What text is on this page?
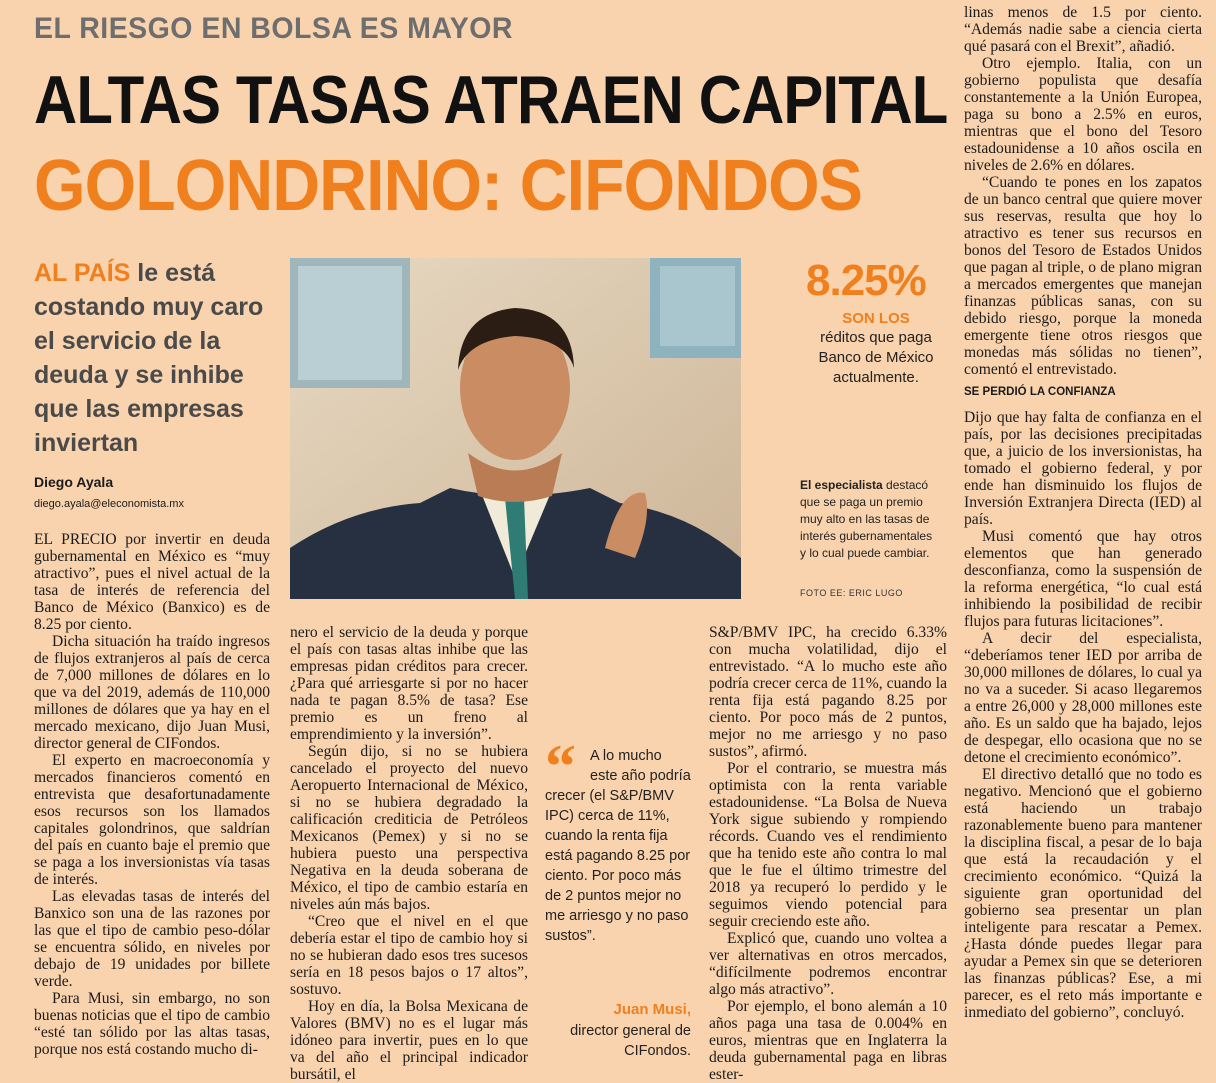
EL RIESGO EN BOLSA ES MAYOR
ALTAS TASAS ATRAEN CAPITAL
GOLONDRINO: CIFONDOS
AL PAÍS le está costando muy caro el servicio de la deuda y se inhibe que las empresas inviertan
Diego Ayala
diego.ayala@eleconomista.mx
8.25%
SON LOS
réditos que paga Banco de México actualmente.
El especialista destacó que se paga un premio muy alto en las tasas de interés gubernamentales y lo cual puede cambiar.
FOTO EE: ERIC LUGO

EL PRECIO por invertir en deuda gubernamental en México es “muy atractivo”, pues el nivel actual de la tasa de interés de referencia del Banco de México (Banxico) es de 8.25 por ciento.

Dicha situación ha traído ingresos de flujos extranjeros al país de cerca de 7,000 millones de dólares en lo que va del 2019, además de 110,000 millones de dólares que ya hay en el mercado mexicano, dijo Juan Musi, director general de CIFondos.

El experto en macroeconomía y mercados financieros comentó en entrevista que desafortunadamente esos recursos son los llamados capitales golondrinos, que saldrían del país en cuanto baje el premio que se paga a los inversionistas vía tasas de interés.

Las elevadas tasas de interés del Banxico son una de las razones por las que el tipo de cambio peso-dólar se encuentra sólido, en niveles por debajo de 19 unidades por billete verde.

Para Musi, sin embargo, no son buenas noticias que el tipo de cambio “esté tan sólido por las altas tasas, porque nos está costando mucho di-

nero el servicio de la deuda y porque el país con tasas altas inhibe que las empresas pidan créditos para crecer. ¿Para qué arriesgarte si por no hacer nada te pagan 8.5% de tasa? Ese premio es un freno al emprendimiento y la inversión”.

Según dijo, si no se hubiera cancelado el proyecto del nuevo Aeropuerto Internacional de México, si no se hubiera degradado la calificación crediticia de Petróleos Mexicanos (Pemex) y si no se hubiera puesto una perspectiva Negativa en la deuda soberana de México, el tipo de cambio estaría en niveles aún más bajos.

“Creo que el nivel en el que debería estar el tipo de cambio hoy si no se hubieran dado esos tres sucesos sería en 18 pesos bajos o 17 altos”, sostuvo.

Hoy en día, la Bolsa Mexicana de Valores (BMV) no es el lugar más idóneo para invertir, pues en lo que va del año el principal indicador bursátil, el

“ A lo mucho este año podría crecer (el S&P/BMV IPC) cerca de 11%, cuando la renta fija está pagando 8.25 por ciento. Por poco más de 2 puntos mejor no me arriesgo y no paso sustos”.
Juan Musi,
director general de CIFondos.

S&P/BMV IPC, ha crecido 6.33% con mucha volatilidad, dijo el entrevistado. “A lo mucho este año podría crecer cerca de 11%, cuando la renta fija está pagando 8.25 por ciento. Por poco más de 2 puntos, mejor no me arriesgo y no paso sustos”, afirmó.

Por el contrario, se muestra más optimista con la renta variable estadounidense. “La Bolsa de Nueva York sigue subiendo y rompiendo récords. Cuando ves el rendimiento que ha tenido este año contra lo mal que le fue el último trimestre del 2018 ya recuperó lo perdido y le seguimos viendo potencial para seguir creciendo este año.

Explicó que, cuando uno voltea a ver alternativas en otros mercados, “difícilmente podremos encontrar algo más atractivo”.

Por ejemplo, el bono alemán a 10 años paga una tasa de 0.004% en euros, mientras que en Inglaterra la deuda gubernamental paga en libras ester-

linas menos de 1.5 por ciento. “Además nadie sabe a ciencia cierta qué pasará con el Brexit”, añadió.

Otro ejemplo. Italia, con un gobierno populista que desafía constantemente a la Unión Europea, paga su bono a 2.5% en euros, mientras que el bono del Tesoro estadounidense a 10 años oscila en niveles de 2.6% en dólares.

“Cuando te pones en los zapatos de un banco central que quiere mover sus reservas, resulta que hoy lo atractivo es tener sus recursos en bonos del Tesoro de Estados Unidos que pagan al triple, o de plano migran a mercados emergentes que manejan finanzas públicas sanas, con su debido riesgo, porque la moneda emergente tiene otros riesgos que monedas más sólidas no tienen”, comentó el entrevistado.

SE PERDIÓ LA CONFIANZA

Dijo que hay falta de confianza en el país, por las decisiones precipitadas que, a juicio de los inversionistas, ha tomado el gobierno federal, y por ende han disminuido los flujos de Inversión Extranjera Directa (IED) al país.

Musi comentó que hay otros elementos que han generado desconfianza, como la suspensión de la reforma energética, “lo cual está inhibiendo la posibilidad de recibir flujos para futuras licitaciones”.

A decir del especialista, “deberíamos tener IED por arriba de 30,000 millones de dólares, lo cual ya no va a suceder. Si acaso llegaremos a entre 26,000 y 28,000 millones este año. Es un saldo que ha bajado, lejos de despegar, ello ocasiona que no se detone el crecimiento económico”.

El directivo detalló que no todo es negativo. Mencionó que el gobierno está haciendo un trabajo razonablemente bueno para mantener la disciplina fiscal, a pesar de lo baja que está la recaudación y el crecimiento económico. “Quizá la siguiente gran oportunidad del gobierno sea presentar un plan inteligente para rescatar a Pemex. ¿Hasta dónde puedes llegar para ayudar a Pemex sin que se deterioren las finanzas públicas? Ese, a mi parecer, es el reto más importante e inmediato del gobierno”, concluyó.
